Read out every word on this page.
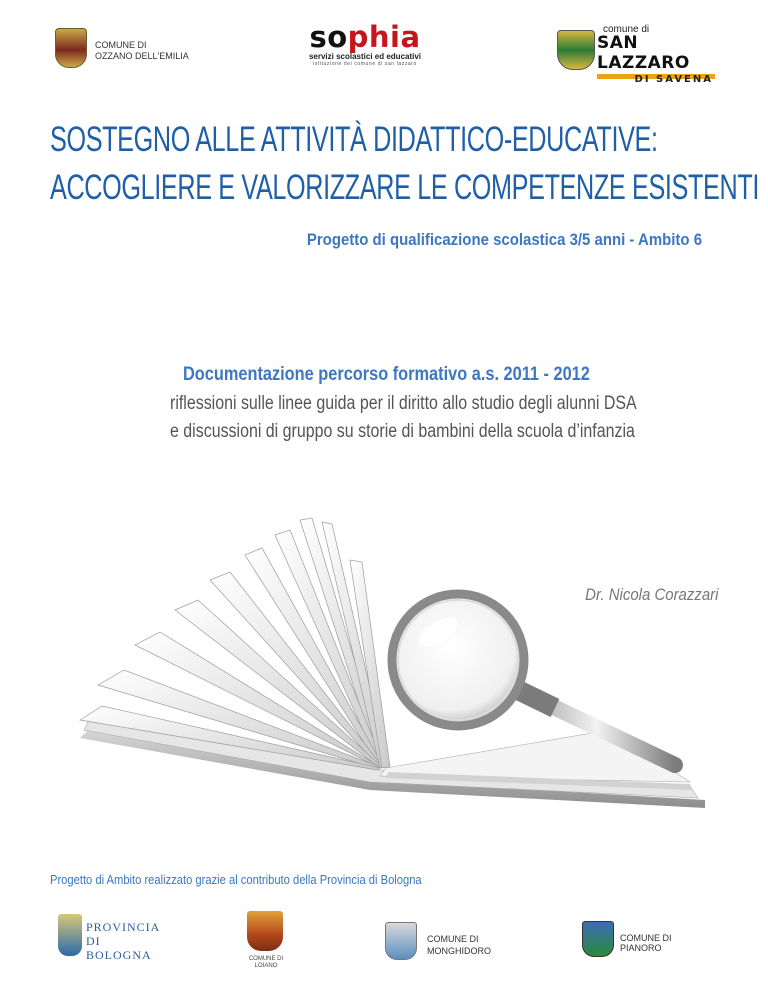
COMUNE DI
OZZANO DELL'EMILIA
sophia
servizi scolastici ed educativi
istituzione dei comune di san lazzaro
comune di
SAN LAZZARO
DI SAVENA
SOSTEGNO ALLE ATTIVITÀ DIDATTICO-EDUCATIVE:
ACCOGLIERE E VALORIZZARE LE COMPETENZE ESISTENTI
Progetto di qualificazione scolastica 3/5 anni - Ambito 6
Documentazione percorso formativo a.s. 2011 - 2012
riflessioni sulle linee guida per il diritto allo studio degli alunni DSA
e discussioni di gruppo su storie di bambini della scuola d’infanzia
Dr. Nicola Corazzari
Progetto di Ambito realizzato grazie al contributo della Provincia di Bologna
PROVINCIA DI
BOLOGNA	COMUNE DI
LOIANO
COMUNE DI
MONGHIDORO
COMUNE DI
PIANORO
